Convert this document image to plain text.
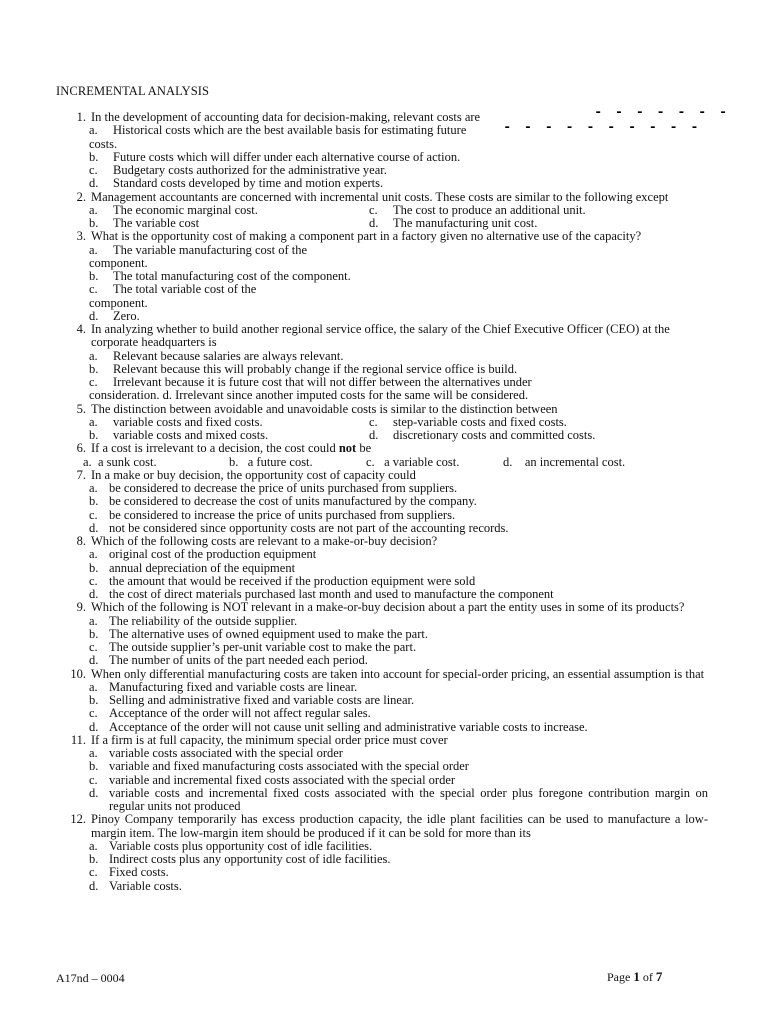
INCREMENTAL ANALYSIS
- - - - - - -
- - - - - - - - - -
1. In the development of accounting data for decision-making, relevant costs are
a.	Historical costs which are the best available basis for estimating future
costs.
b.	Future costs which will differ under each alternative course of action.
c.	Budgetary costs authorized for the administrative year.
d.	Standard costs developed by time and motion experts.
2. Management accountants are concerned with incremental unit costs. These costs are similar to the following except
a.	The economic marginal cost.	c.	The cost to produce an additional unit.
b.	The variable cost	d.	The manufacturing unit cost.
3. What is the opportunity cost of making a component part in a factory given no alternative use of the capacity?
a.	The variable manufacturing cost of the
component.
b.	The total manufacturing cost of the component.
c.	The total variable cost of the
component.
d.	Zero.
4. In analyzing whether to build another regional service office, the salary of the Chief Executive Officer (CEO) at the corporate headquarters is
a.	Relevant because salaries are always relevant.
b.	Relevant because this will probably change if the regional service office is build.
c.	Irrelevant because it is future cost that will not differ between the alternatives under
consideration. d. Irrelevant since another imputed costs for the same will be considered.
5. The distinction between avoidable and unavoidable costs is similar to the distinction between
a.	variable costs and fixed costs.	c.	step-variable costs and fixed costs.
b.	variable costs and mixed costs.	d.	discretionary costs and committed costs.
6. If a cost is irrelevant to a decision, the cost could not be
a. a sunk cost.	b. a future cost.	c. a variable cost.	d. an incremental cost.
7. In a make or buy decision, the opportunity cost of capacity could
a. be considered to decrease the price of units purchased from suppliers.
b. be considered to decrease the cost of units manufactured by the company.
c. be considered to increase the price of units purchased from suppliers.
d. not be considered since opportunity costs are not part of the accounting records.
8. Which of the following costs are relevant to a make-or-buy decision?
a. original cost of the production equipment
b. annual depreciation of the equipment
c. the amount that would be received if the production equipment were sold
d. the cost of direct materials purchased last month and used to manufacture the component
9. Which of the following is NOT relevant in a make-or-buy decision about a part the entity uses in some of its products?
a. The reliability of the outside supplier.
b. The alternative uses of owned equipment used to make the part.
c. The outside supplier’s per-unit variable cost to make the part.
d. The number of units of the part needed each period.
10. When only differential manufacturing costs are taken into account for special-order pricing, an essential assumption is that
a. Manufacturing fixed and variable costs are linear.
b. Selling and administrative fixed and variable costs are linear.
c. Acceptance of the order will not affect regular sales.
d. Acceptance of the order will not cause unit selling and administrative variable costs to increase.
11. If a firm is at full capacity, the minimum special order price must cover
a. variable costs associated with the special order
b. variable and fixed manufacturing costs associated with the special order
c. variable and incremental fixed costs associated with the special order
d. variable costs and incremental fixed costs associated with the special order plus foregone contribution margin on regular units not produced
12. Pinoy Company temporarily has excess production capacity, the idle plant facilities can be used to manufacture a low-margin item. The low-margin item should be produced if it can be sold for more than its
a. Variable costs plus opportunity cost of idle facilities.
b. Indirect costs plus any opportunity cost of idle facilities.
c. Fixed costs.
d. Variable costs.
A17nd – 0004	Page 1 of 7
